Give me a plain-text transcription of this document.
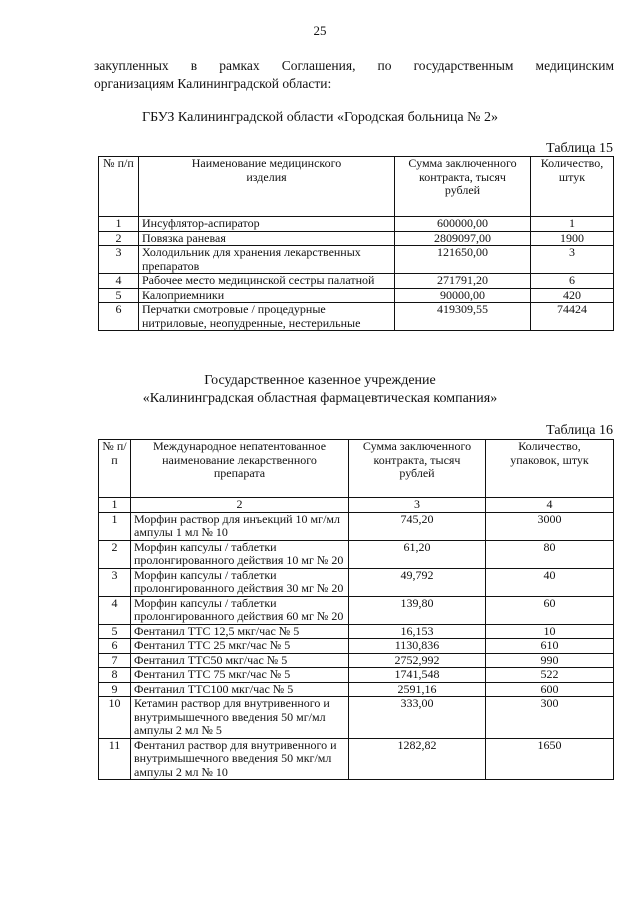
25
закупленных в рамках Соглашения, по государственным медицинским
организациям Калининградской области:
ГБУЗ Калининградской области «Городская больница № 2»
Таблица 15
№ п/п	Наименование медицинского изделия	Сумма заключенного контракта, тысяч рублей	Количество, штук
1	Инсуфлятор-аспиратор	600000,00	1
2	Повязка раневая	2809097,00	1900
3	Холодильник для хранения лекарственных препаратов	121650,00	3
4	Рабочее место медицинской сестры палатной	271791,20	6
5	Калоприемники	90000,00	420
6	Перчатки смотровые / процедурные нитриловые, неопудренные, нестерильные	419309,55	74424
Государственное казенное учреждение
«Калининградская областная фармацевтическая компания»
Таблица 16
№ п/п	Международное непатентованное наименование лекарственного препарата	Сумма заключенного контракта, тысяч рублей	Количество, упаковок, штук
1	2	3	4
1	Морфин раствор для инъекций 10 мг/мл ампулы 1 мл № 10	745,20	3000
2	Морфин капсулы / таблетки пролонгированного действия 10 мг № 20	61,20	80
3	Морфин капсулы / таблетки пролонгированного действия 30 мг № 20	49,792	40
4	Морфин капсулы / таблетки пролонгированного действия 60 мг № 20	139,80	60
5	Фентанил ТТС 12,5 мкг/час № 5	16,153	10
6	Фентанил ТТС 25 мкг/час № 5	1130,836	610
7	Фентанил ТТС50 мкг/час № 5	2752,992	990
8	Фентанил ТТС 75 мкг/час № 5	1741,548	522
9	Фентанил ТТС100 мкг/час № 5	2591,16	600
10	Кетамин раствор для внутривенного и внутримышечного введения 50 мг/мл ампулы 2 мл № 5	333,00	300
11	Фентанил раствор для внутривенного и внутримышечного введения 50 мкг/мл ампулы 2 мл № 10	1282,82	1650
